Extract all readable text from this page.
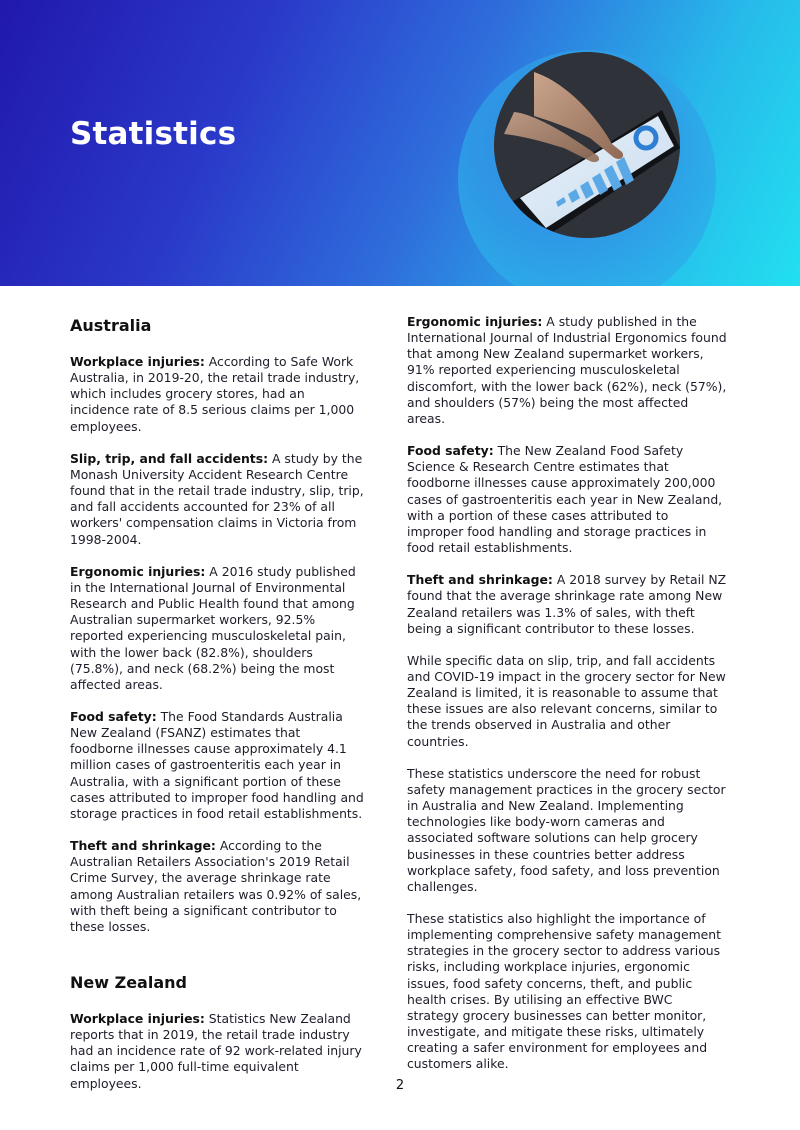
Statistics
Australia

Workplace injuries: According to Safe Work Australia, in 2019-20, the retail trade industry, which includes grocery stores, had an incidence rate of 8.5 serious claims per 1,000 employees.

Slip, trip, and fall accidents: A study by the Monash University Accident Research Centre found that in the retail trade industry, slip, trip, and fall accidents accounted for 23% of all workers' compensation claims in Victoria from 1998-2004.

Ergonomic injuries: A 2016 study published in the International Journal of Environmental Research and Public Health found that among Australian supermarket workers, 92.5% reported experiencing musculoskeletal pain, with the lower back (82.8%), shoulders (75.8%), and neck (68.2%) being the most affected areas.

Food safety: The Food Standards Australia New Zealand (FSANZ) estimates that foodborne illnesses cause approximately 4.1 million cases of gastroenteritis each year in Australia, with a significant portion of these cases attributed to improper food handling and storage practices in food retail establishments.

Theft and shrinkage: According to the Australian Retailers Association's 2019 Retail Crime Survey, the average shrinkage rate among Australian retailers was 0.92% of sales, with theft being a significant contributor to these losses.

New Zealand

Workplace injuries: Statistics New Zealand reports that in 2019, the retail trade industry had an incidence rate of 92 work-related injury claims per 1,000 full-time equivalent employees.

Ergonomic injuries: A study published in the International Journal of Industrial Ergonomics found that among New Zealand supermarket workers, 91% reported experiencing musculoskeletal discomfort, with the lower back (62%), neck (57%), and shoulders (57%) being the most affected areas.

Food safety: The New Zealand Food Safety Science & Research Centre estimates that foodborne illnesses cause approximately 200,000 cases of gastroenteritis each year in New Zealand, with a portion of these cases attributed to improper food handling and storage practices in food retail establishments.

Theft and shrinkage: A 2018 survey by Retail NZ found that the average shrinkage rate among New Zealand retailers was 1.3% of sales, with theft being a significant contributor to these losses.

While specific data on slip, trip, and fall accidents and COVID-19 impact in the grocery sector for New Zealand is limited, it is reasonable to assume that these issues are also relevant concerns, similar to the trends observed in Australia and other countries.

These statistics underscore the need for robust safety management practices in the grocery sector in Australia and New Zealand. Implementing technologies like body-worn cameras and associated software solutions can help grocery businesses in these countries better address workplace safety, food safety, and loss prevention challenges.

These statistics also highlight the importance of implementing comprehensive safety management strategies in the grocery sector to address various risks, including workplace injuries, ergonomic issues, food safety concerns, theft, and public health crises. By utilising an effective BWC strategy grocery businesses can better monitor, investigate, and mitigate these risks, ultimately creating a safer environment for employees and customers alike.

2
